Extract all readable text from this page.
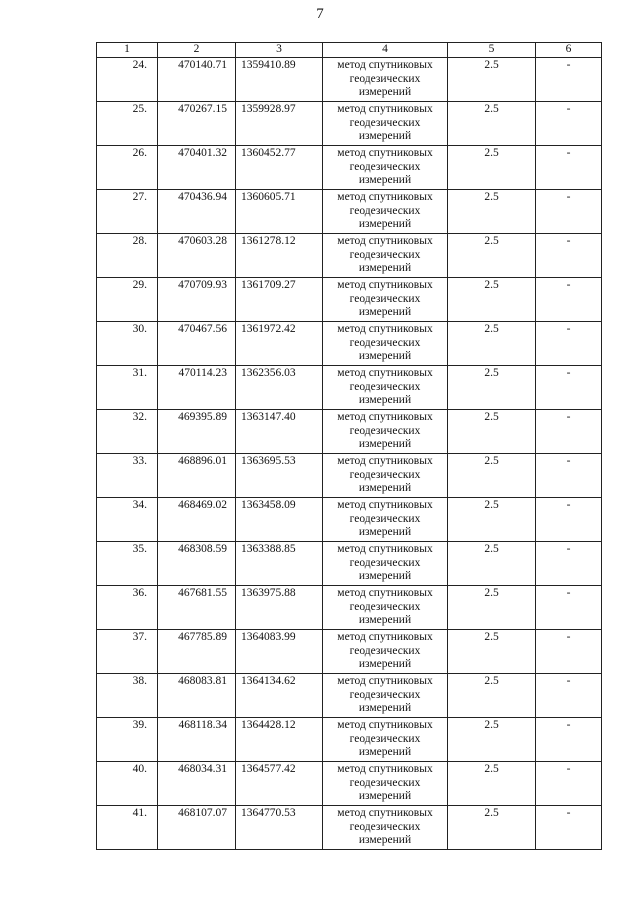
7
1	2	3	4	5	6
24.	470140.71	1359410.89	метод спутниковых геодезических измерений	2.5	-
25.	470267.15	1359928.97	метод спутниковых геодезических измерений	2.5	-
26.	470401.32	1360452.77	метод спутниковых геодезических измерений	2.5	-
27.	470436.94	1360605.71	метод спутниковых геодезических измерений	2.5	-
28.	470603.28	1361278.12	метод спутниковых геодезических измерений	2.5	-
29.	470709.93	1361709.27	метод спутниковых геодезических измерений	2.5	-
30.	470467.56	1361972.42	метод спутниковых геодезических измерений	2.5	-
31.	470114.23	1362356.03	метод спутниковых геодезических измерений	2.5	-
32.	469395.89	1363147.40	метод спутниковых геодезических измерений	2.5	-
33.	468896.01	1363695.53	метод спутниковых геодезических измерений	2.5	-
34.	468469.02	1363458.09	метод спутниковых геодезических измерений	2.5	-
35.	468308.59	1363388.85	метод спутниковых геодезических измерений	2.5	-
36.	467681.55	1363975.88	метод спутниковых геодезических измерений	2.5	-
37.	467785.89	1364083.99	метод спутниковых геодезических измерений	2.5	-
38.	468083.81	1364134.62	метод спутниковых геодезических измерений	2.5	-
39.	468118.34	1364428.12	метод спутниковых геодезических измерений	2.5	-
40.	468034.31	1364577.42	метод спутниковых геодезических измерений	2.5	-
41.	468107.07	1364770.53	метод спутниковых геодезических измерений	2.5	-
